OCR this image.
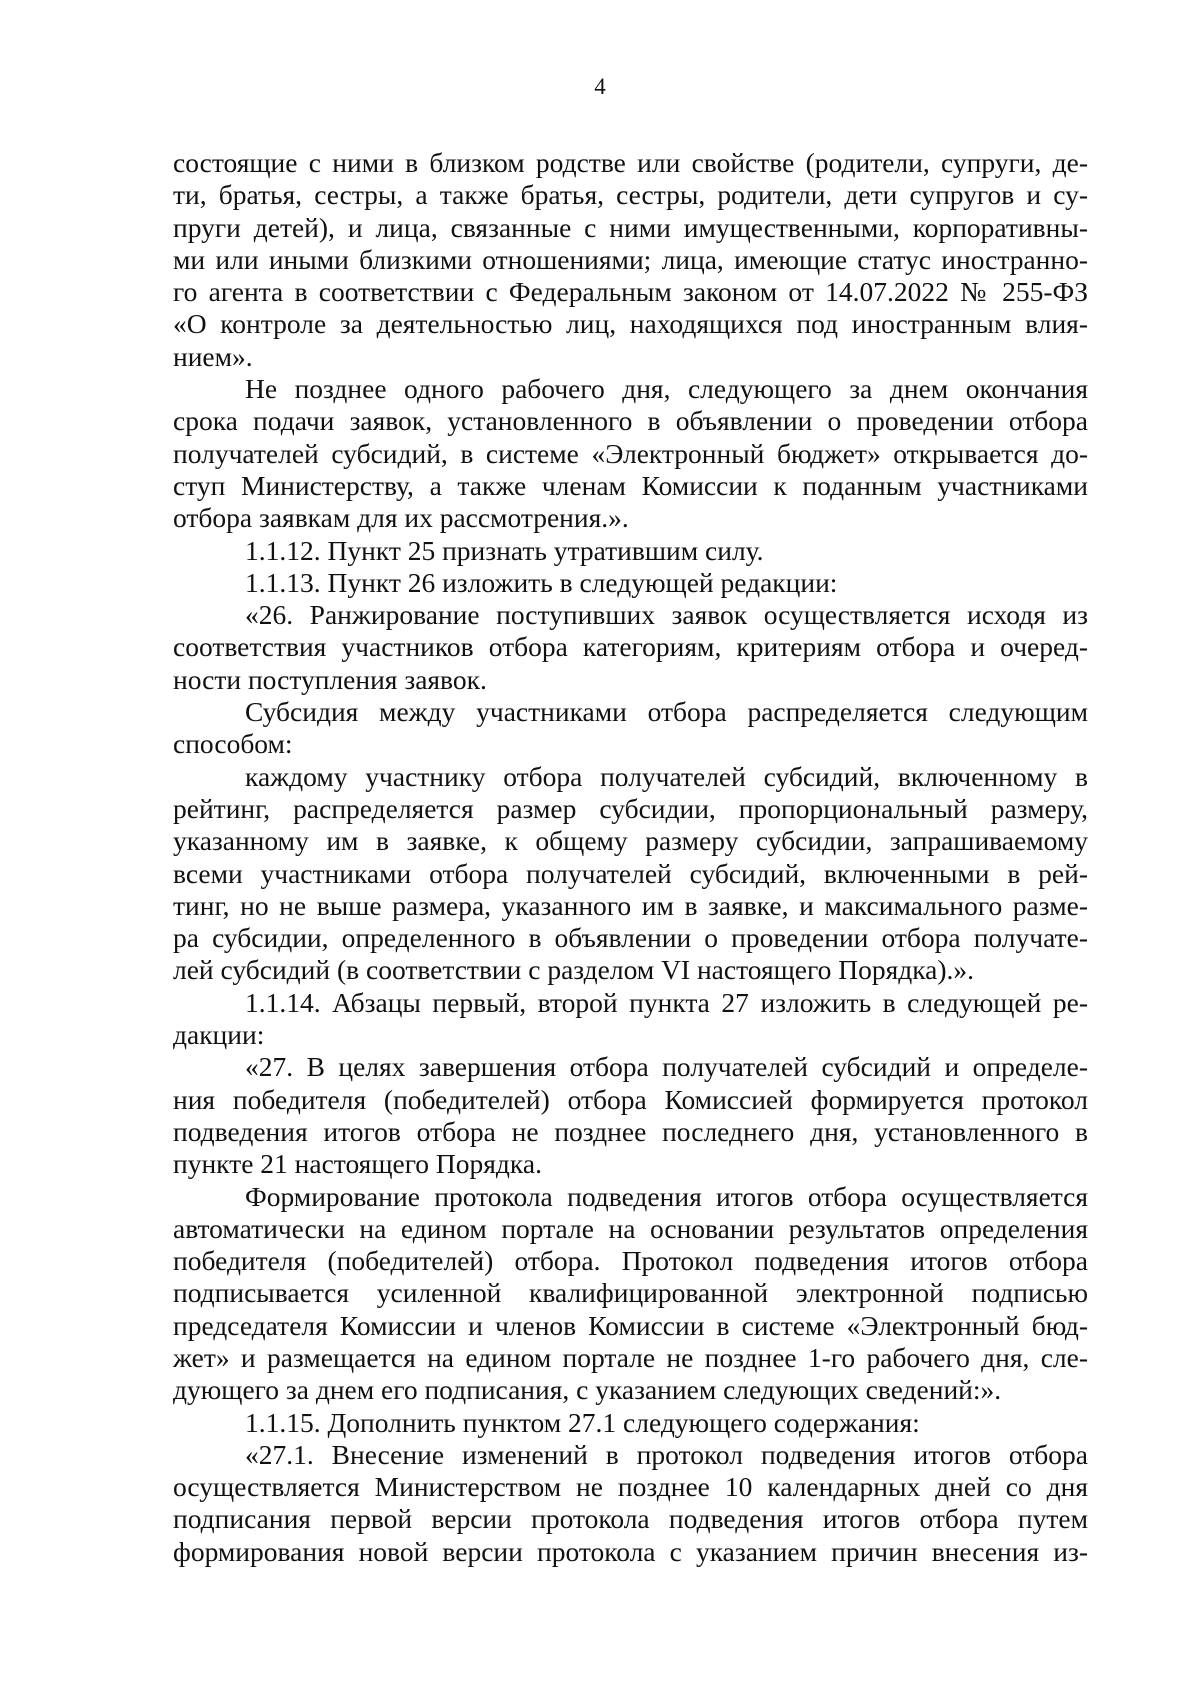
4

состоящие с ними в близком родстве или свойстве (родители, супруги, де-

ти, братья, сестры, а также братья, сестры, родители, дети супругов и су-

пруги детей), и лица, связанные с ними имущественными, корпоративны-

ми или иными близкими отношениями; лица, имеющие статус иностранно-

го агента в соответствии с Федеральным законом от 14.07.2022 № 255-ФЗ

«О контроле за деятельностью лиц, находящихся под иностранным влия-

нием».

Не позднее одного рабочего дня, следующего за днем окончания

срока подачи заявок, установленного в объявлении о проведении отбора

получателей субсидий, в системе «Электронный бюджет» открывается до-

ступ Министерству, а также членам Комиссии к поданным участниками

отбора заявкам для их рассмотрения.».

1.1.12. Пункт 25 признать утратившим силу.

1.1.13. Пункт 26 изложить в следующей редакции:

«26. Ранжирование поступивших заявок осуществляется исходя из

соответствия участников отбора категориям, критериям отбора и очеред-

ности поступления заявок.

Субсидия между участниками отбора распределяется следующим

способом:

каждому участнику отбора получателей субсидий, включенному в

рейтинг, распределяется размер субсидии, пропорциональный размеру,

указанному им в заявке, к общему размеру субсидии, запрашиваемому

всеми участниками отбора получателей субсидий, включенными в рей-

тинг, но не выше размера, указанного им в заявке, и максимального разме-

ра субсидии, определенного в объявлении о проведении отбора получате-

лей субсидий (в соответствии с разделом VI настоящего Порядка).».

1.1.14. Абзацы первый, второй пункта 27 изложить в следующей ре-

дакции:

«27. В целях завершения отбора получателей субсидий и определе-

ния победителя (победителей) отбора Комиссией формируется протокол

подведения итогов отбора не позднее последнего дня, установленного в

пункте 21 настоящего Порядка.

Формирование протокола подведения итогов отбора осуществляется

автоматически на едином портале на основании результатов определения

победителя (победителей) отбора. Протокол подведения итогов отбора

подписывается усиленной квалифицированной электронной подписью

председателя Комиссии и членов Комиссии в системе «Электронный бюд-

жет» и размещается на едином портале не позднее 1-го рабочего дня, сле-

дующего за днем его подписания, с указанием следующих сведений:».

1.1.15. Дополнить пунктом 27.1 следующего содержания:

«27.1. Внесение изменений в протокол подведения итогов отбора

осуществляется Министерством не позднее 10 календарных дней со дня

подписания первой версии протокола подведения итогов отбора путем

формирования новой версии протокола с указанием причин внесения из-
